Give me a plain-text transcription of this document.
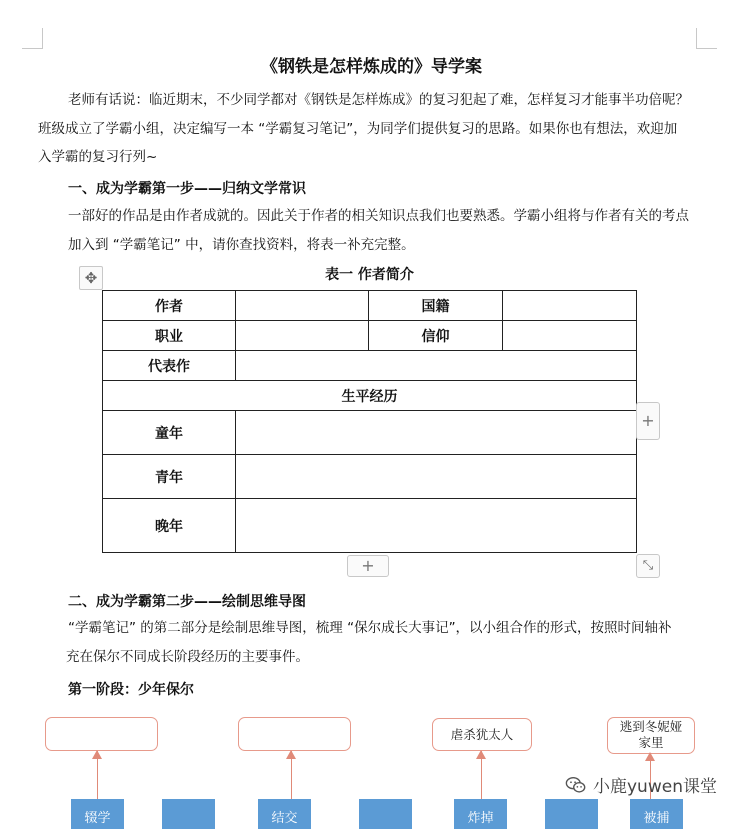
《钢铁是怎样炼成的》导学案
老师有话说：临近期末，不少同学都对《钢铁是怎样炼成》的复习犯起了难，怎样复习才能事半功倍呢？
班级成立了学霸小组，决定编写一本 “学霸复习笔记”，为同学们提供复习的思路。如果你也有想法，欢迎加
入学霸的复习行列~
一、成为学霸第一步——归纳文学常识
一部好的作品是由作者成就的。因此关于作者的相关知识点我们也要熟悉。学霸小组将与作者有关的考点
加入到 “学霸笔记” 中，请你查找资料，将表一补充完整。
✥	表一 作者简介
作者		国籍	
职业		信仰	
代表作			
生平经历			
童年			
青年			
晚年			
+
+	⤡
二、成为学霸第二步——绘制思维导图
“学霸笔记” 的第二部分是绘制思维导图，梳理 “保尔成长大事记”，以小组合作的形式，按照时间轴补
充在保尔不同成长阶段经历的主要事件。
第一阶段：少年保尔
虐杀犹太人
逃到冬妮娅家里
辍学	结交	炸掉	被捕
小鹿yuwen课堂
